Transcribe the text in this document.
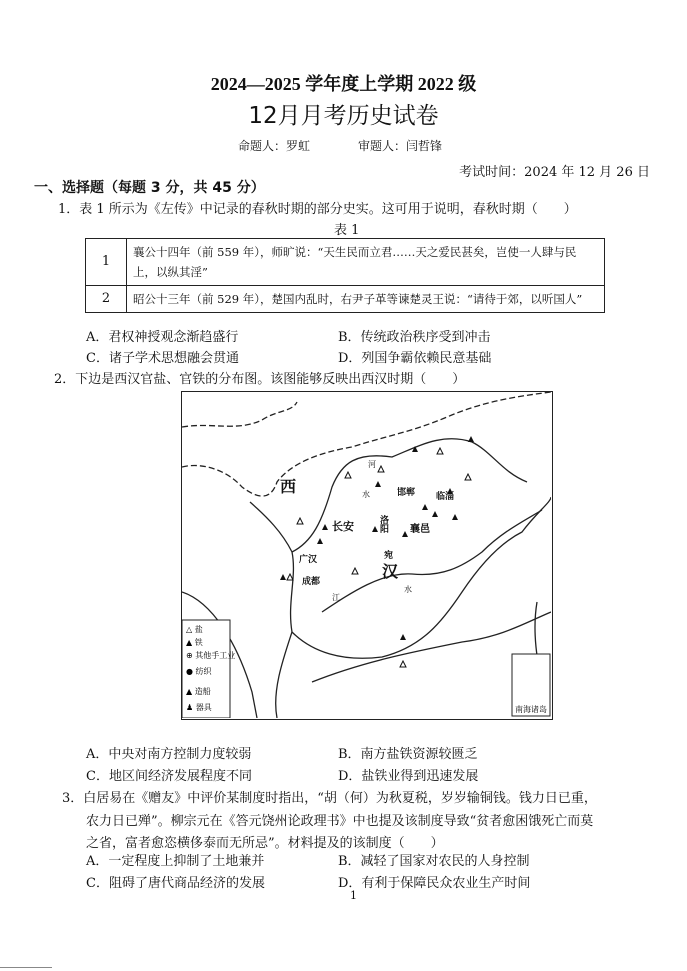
2024—2025 学年度上学期 2022 级
12月月考历史试卷
命题人：罗虹	审题人：闫哲锋
考试时间：2024 年 12 月 26 日
一、选择题（每题 3 分，共 45 分）
1．表 1 所示为《左传》中记录的春秋时期的部分史实。这可用于说明，春秋时期（　　）
表 1
1	襄公十四年（前 559 年），师旷说：“天生民而立君……天之爱民甚矣，岂使一人肆与民上，以纵其淫”
2	昭公十三年（前 529 年），楚国内乱时，右尹子革等谏楚灵王说：“请待于郊，以听国人”
A．君权神授观念渐趋盛行	B．传统政治秩序受到冲击
C．诸子学术思想融会贯通	D．列国争霸依赖民意基础
2．下边是西汉官盐、官铁的分布图。该图能够反映出西汉时期（　　）
南海诸岛
西
汉
长安	洛阳
邯郸 临淄
襄邑
宛
广汉
成都
河
水
江
水
△ 盐
▲ 铁
⊕ 其他手工业
● 纺织
▲ 造船
♟ 器具
A．中央对南方控制力度较弱	B．南方盐铁资源较匮乏
C．地区间经济发展程度不同	D．盐铁业得到迅速发展
3．白居易在《赠友》中评价某制度时指出，“胡（何）为秋夏税，岁岁输铜钱。钱力日已重，
农力日已殚”。柳宗元在《答元饶州论政理书》中也提及该制度导致“贫者愈困饿死亡而莫
之省，富者愈恣横侈泰而无所忌”。材料提及的该制度（　　）
A．一定程度上抑制了土地兼并	B．减轻了国家对农民的人身控制
C．阻碍了唐代商品经济的发展	D．有利于保障民众农业生产时间
1
